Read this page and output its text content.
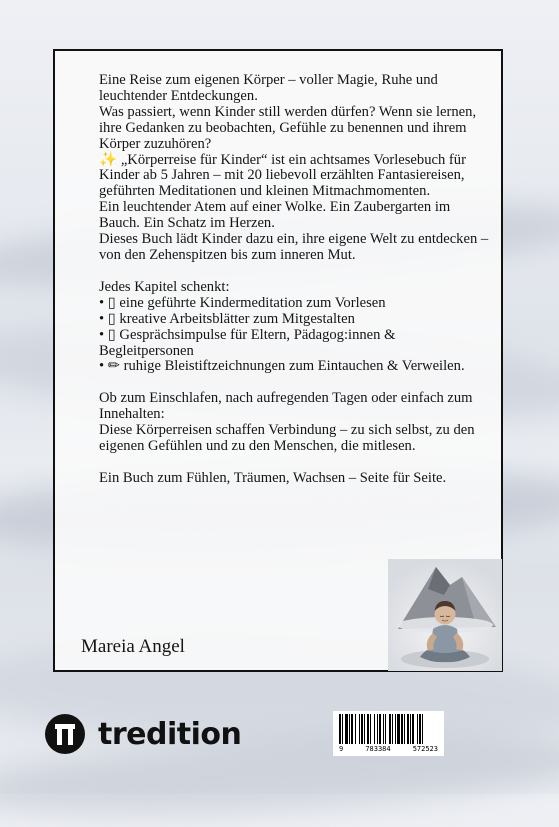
Eine Reise zum eigenen Körper – voller Magie, Ruhe und leuchtender Entdeckungen.

Was passiert, wenn Kinder still werden dürfen? Wenn sie lernen, ihre Gedanken zu beobachten, Gefühle zu benennen und ihrem Körper zuzuhören?

✨ „Körperreise für Kinder“ ist ein achtsames Vorlesebuch für Kinder ab 5 Jahren – mit 20 liebevoll erzählten Fantasiereisen, geführten Meditationen und kleinen Mitmachmomenten.

Ein leuchtender Atem auf einer Wolke. Ein Zaubergarten im Bauch. Ein Schatz im Herzen.

Dieses Buch lädt Kinder dazu ein, ihre eigene Welt zu entdecken – von den Zehenspitzen bis zum inneren Mut.

Jedes Kapitel schenkt:

• ▯ eine geführte Kindermeditation zum Vorlesen

• ▯ kreative Arbeitsblätter zum Mitgestalten

• ▯ Gesprächsimpulse für Eltern, Pädagog:innen & Begleitpersonen

• ✏ ruhige Bleistiftzeichnungen zum Eintauchen & Verweilen.

Ob zum Einschlafen, nach aufregenden Tagen oder einfach zum Innehalten:

Diese Körperreisen schaffen Verbindung – zu sich selbst, zu den eigenen Gefühlen und zu den Menschen, die mitlesen.

Ein Buch zum Fühlen, Träumen, Wachsen – Seite für Seite.

Mareia Angel
tredition	9	783384	572523
